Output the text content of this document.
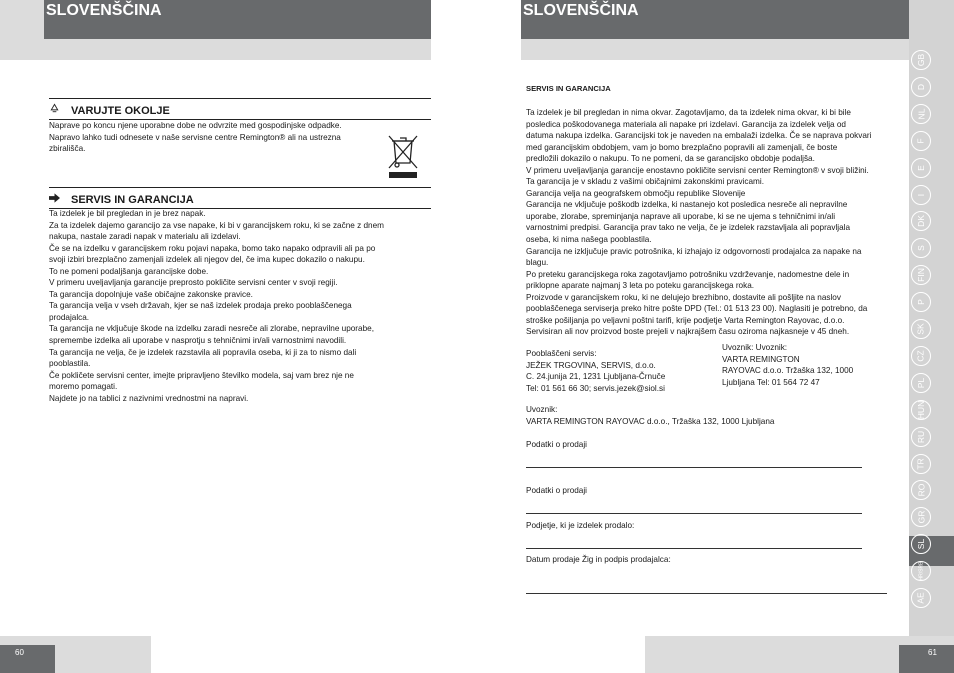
SLOVENŠČINA	SLOVENŠČINA
VARUJTE OKOLJE

Naprave po koncu njene uporabne dobe ne odvrzite med gospodinjske odpadke.

Napravo lahko tudi odnesete v naše servisne centre Remington® ali na ustrezna

zbirališča.

SERVIS IN GARANCIJA

Ta izdelek je bil pregledan in je brez napak.

Za ta izdelek dajemo garancijo za vse napake, ki bi v garancijskem roku, ki se začne z dnem

nakupa, nastale zaradi napak v materialu ali izdelavi.

Če se na izdelku v garancijskem roku pojavi napaka, bomo tako napako odpravili ali pa po

svoji izbiri brezplačno zamenjali izdelek ali njegov del, če ima kupec dokazilo o nakupu.

To ne pomeni podaljšanja garancijske dobe.

V primeru uveljavljanja garancije preprosto pokličite servisni center v svoji regiji.

Ta garancija dopolnjuje vaše običajne zakonske pravice.

Ta garancija velja v vseh državah, kjer se naš izdelek prodaja preko pooblaščenega

prodajalca.

Ta garancija ne vključuje škode na izdelku zaradi nesreče ali zlorabe, nepravilne uporabe,

spremembe izdelka ali uporabe v nasprotju s tehničnimi in/ali varnostnimi navodili.

Ta garancija ne velja, če je izdelek razstavila ali popravila oseba, ki ji za to nismo dali

pooblastila.

Če pokličete servisni center, imejte pripravljeno številko modela, saj vam brez nje ne

moremo pomagati.

Najdete jo na tablici z nazivnimi vrednostmi na napravi.

SERVIS IN GARANCIJA

Ta izdelek je bil pregledan in nima okvar. Zagotavljamo, da ta izdelek nima okvar, ki bi bile

posledica poškodovanega materiala ali napake pri izdelavi. Garancija za izdelek velja od

datuma nakupa izdelka. Garancijski tok je naveden na embalaži izdelka. Če se naprava pokvari

med garancijskim obdobjem, vam jo bomo brezplačno popravili ali zamenjali, če boste

predložili dokazilo o nakupu. To ne pomeni, da se garancijsko obdobje podaljša.

V primeru uveljavljanja garancije enostavno pokličite servisni center Remington® v svoji bližini.

Ta garancija je v skladu z vašimi običajnimi zakonskimi pravicami.

Garancija velja na geografskem območju republike Slovenije

Garancija ne vključuje poškodb izdelka, ki nastanejo kot posledica nesreče ali nepravilne

uporabe, zlorabe, spreminjanja naprave ali uporabe, ki se ne ujema s tehničnimi in/ali

varnostnimi predpisi. Garancija prav tako ne velja, če je izdelek razstavljala ali popravljala

oseba, ki nima našega pooblastila.

Garancija ne izključuje pravic potrošnika, ki izhajajo iz odgovornosti prodajalca za napake na

blagu.

Po preteku garancijskega roka zagotavljamo potrošniku vzdrževanje, nadomestne dele in

priklopne aparate najmanj 3 leta po poteku garancijskega roka.

Proizvode v garancijskem roku, ki ne delujejo brezhibno, dostavite ali pošljite na naslov

pooblaščenega serviserja preko hitre pošte DPD (Tel.: 01 513 23 00). Naglasiti je potrebno, da

stroške pošiljanja po veljavni poštni tarifi, krije podjetje Varta Remington Rayovac, d.o.o.

Servisiran ali nov proizvod boste prejeli v najkrajšem času oziroma najkasneje v 45 dneh.

Pooblaščeni servis:

JEŽEK TRGOVINA, SERVIS, d.o.o.

C. 24.junija 21, 1231 Ljubljana-Črnuče

Tel: 01 561 66 30; servis.jezek@siol.si

Uvoznik: Uvoznik:

VARTA REMINGTON

RAYOVAC d.o.o. Tržaška 132, 1000

Ljubljana Tel: 01 564 72 47

Uvoznik:
VARTA REMINGTON RAYOVAC d.o.o., Tržaška 132, 1000 Ljubljana
Podatki o prodaji
Podatki o prodaji
Podjetje, ki je izdelek prodalo:
Datum prodaje Žig in podpis prodajalca:
GB
D
NL
F
E
I
DK
S
FIN
P
SK
CZ
PL
HUN
RU
TR
RO
GR
SL
HR/SRB
AE
60	61
